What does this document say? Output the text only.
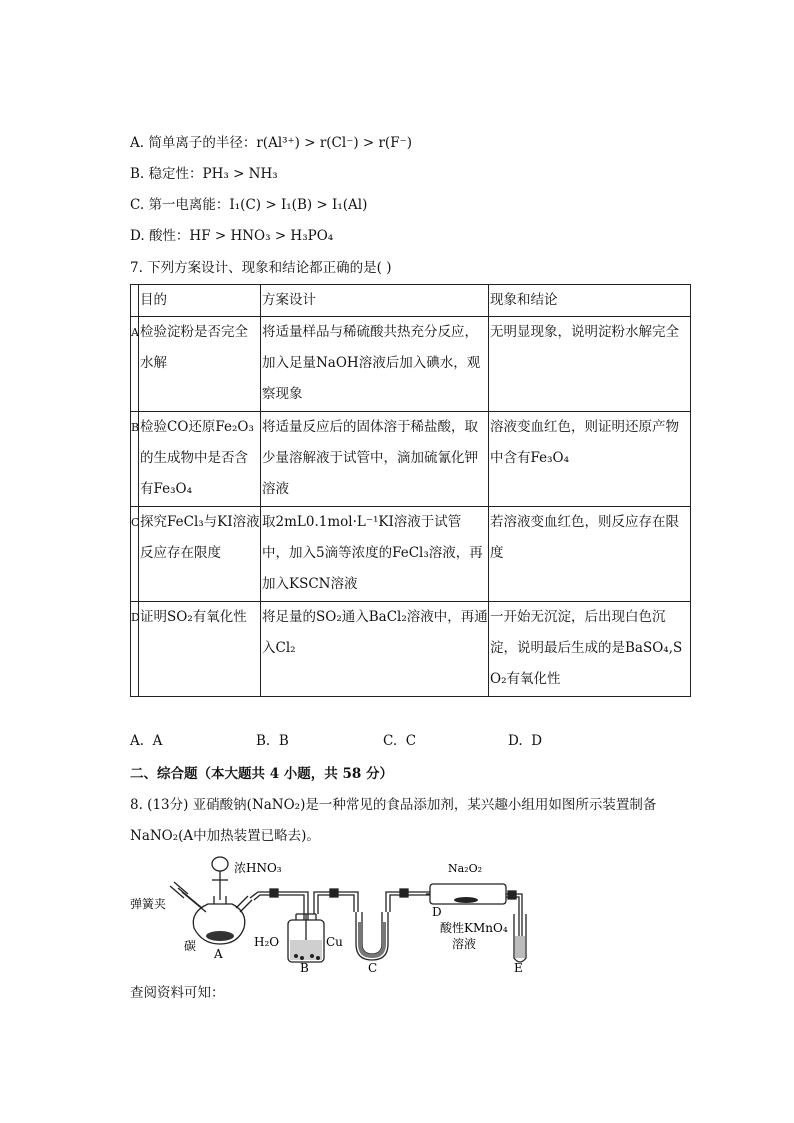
A. 简单离子的半径：r(Al³⁺) > r(Cl⁻) > r(F⁻)
B. 稳定性：PH₃ > NH₃
C. 第一电离能：I₁(C) > I₁(B) > I₁(Al)
D. 酸性：HF > HNO₃ > H₃PO₄
7. 下列方案设计、现象和结论都正确的是( )

	目的	方案设计	现象和结论

A	检验淀粉是否完全水解	将适量样品与稀硫酸共热充分反应，加入足量NaOH溶液后加入碘水，观察现象	无明显现象，说明淀粉水解完全

B	检验CO还原Fe₂O₃的生成物中是否含有Fe₃O₄	将适量反应后的固体溶于稀盐酸，取少量溶解液于试管中，滴加硫氰化钾溶液	溶液变血红色，则证明还原产物中含有Fe₃O₄

C	探究FeCl₃与KI溶液反应存在限度	取2mL0.1mol·L⁻¹KI溶液于试管中，加入5滴等浓度的FeCl₃溶液，再加入KSCN溶液	若溶液变血红色，则反应存在限度

D	证明SO₂有氧化性	将足量的SO₂通入BaCl₂溶液中，再通入Cl₂	一开始无沉淀，后出现白色沉淀，说明最后生成的是BaSO₄,SO₂有氧化性
A. A	B. B	C. C	D. D
二、综合题（本大题共 4 小题，共 58 分）
8. (13分) 亚硝酸钠(NaNO₂)是一种常见的食品添加剂，某兴趣小组用如图所示装置制备
NaNO₂(A中加热装置已略去)。
浓HNO₃
弹簧夹
碳
A
H₂O	Cu
B	C
Na₂O₂
D
酸性KMnO₄
溶液
E
查阅资料可知：
